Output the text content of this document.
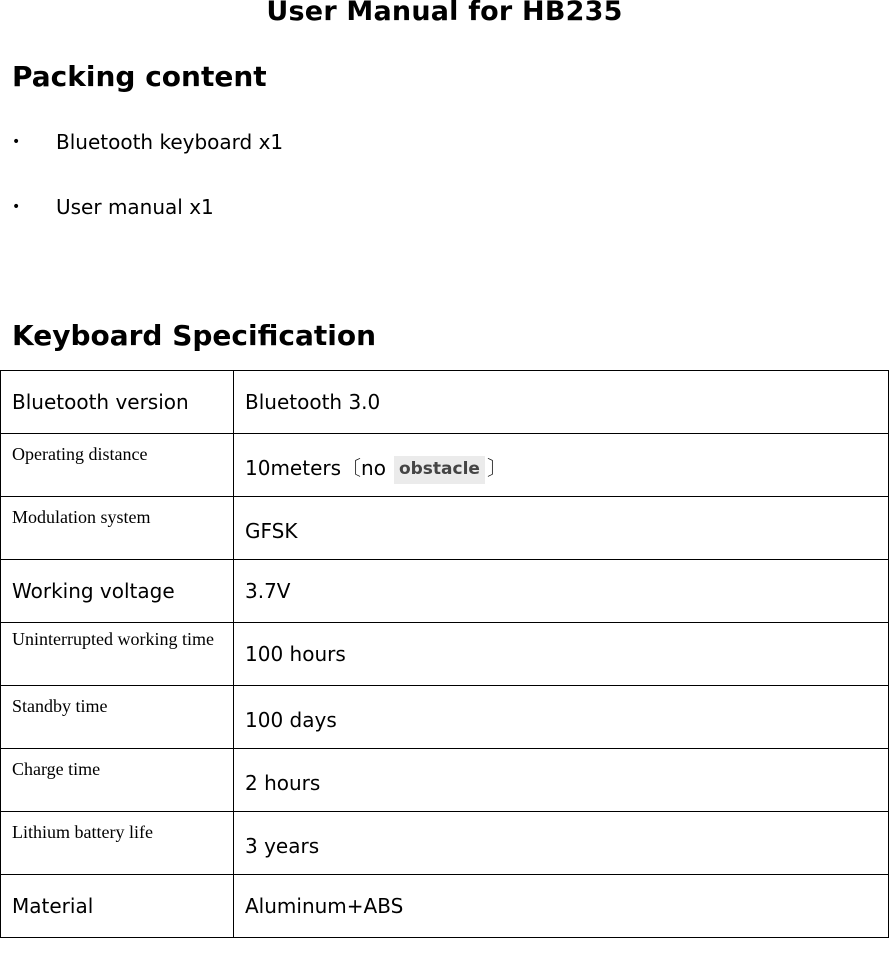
User Manual for HB235
Packing content
•	Bluetooth keyboard x1
•	User manual x1
Keyboard Specification
Bluetooth version	Bluetooth 3.0
Operating distance	10meters〔no obstacle 〕
Modulation system	GFSK
Working voltage	3.7V
Uninterrupted working time	100 hours
Standby time	100 days
Charge time	2 hours
Lithium battery life	3 years
Material	Aluminum+ABS
